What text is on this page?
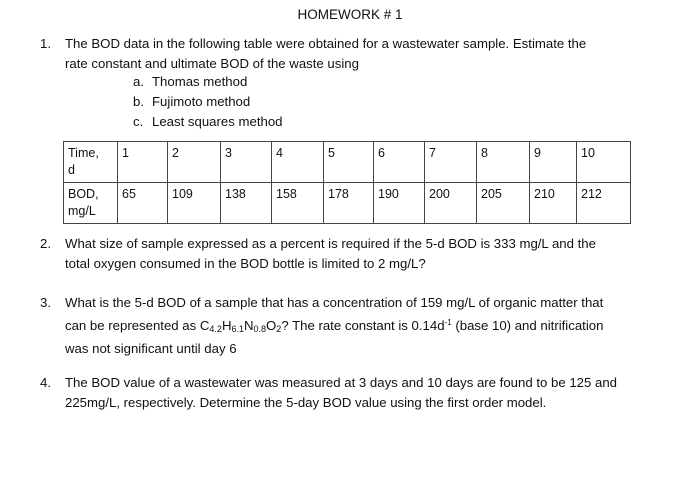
HOMEWORK # 1
1. The BOD data in the following table were obtained for a wastewater sample. Estimate the
rate constant and ultimate BOD of the waste using
a. Thomas method
b. Fujimoto method
c. Least squares method
Time,
d	1	2	3	4	5	6	7	8	9	10

BOD,
mg/L	65	109	138	158	178	190	200	205	210	212
2. What size of sample expressed as a percent is required if the 5-d BOD is 333 mg/L and the
total oxygen consumed in the BOD bottle is limited to 2 mg/L?
3. What is the 5-d BOD of a sample that has a concentration of 159 mg/L of organic matter that
can be represented as $C_{4.2}H_{6.1}N_{0.8}O_2$? The rate constant is $0.14d^{-1}$ (base 10) and nitrification
was not significant until day 6
4. The BOD value of a wastewater was measured at 3 days and 10 days are found to be 125 and
225mg/L, respectively. Determine the 5-day BOD value using the first order model.
